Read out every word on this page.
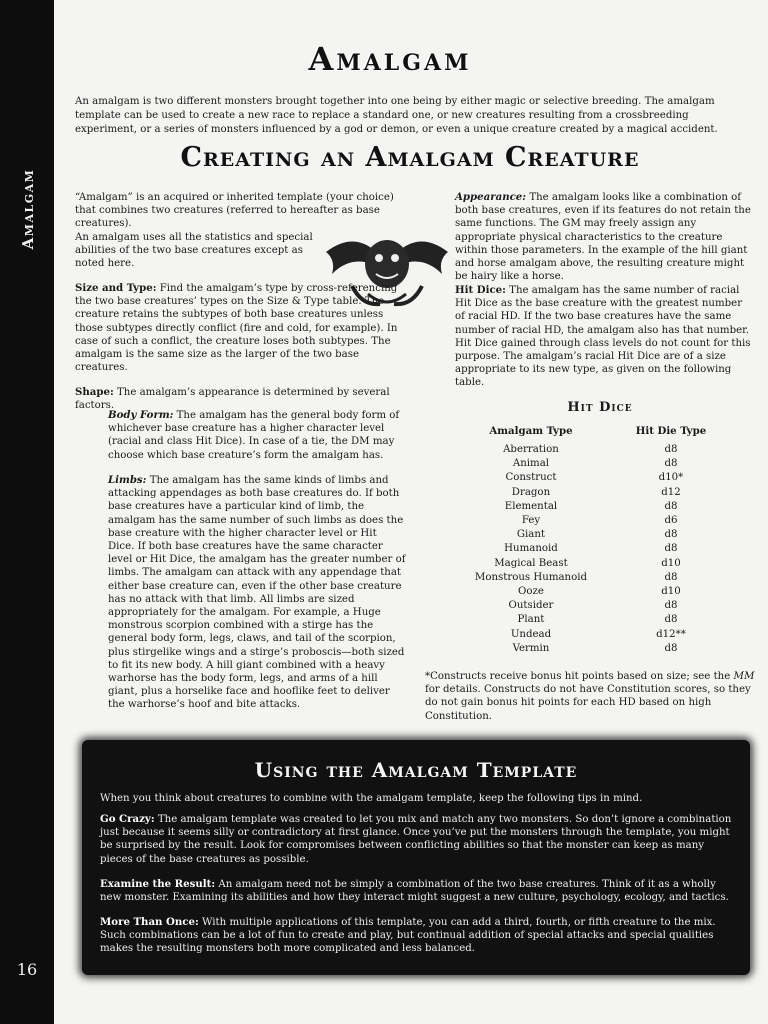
Amalgam
16
Amalgam

An amalgam is two different monsters brought together into one being by either magic or selective breeding. The amalgam template can be used to create a new race to replace a standard one, or new creatures resulting from a crossbreeding experiment, or a series of monsters influenced by a god or demon, or even a unique creature created by a magical accident.

Creating an Amalgam Creature

“Amalgam” is an acquired or inherited template (your choice) that combines two creatures (referred to hereafter as base creatures).

An amalgam uses all the statistics and special abilities of the two base creatures except as noted here.

Size and Type: Find the amalgam’s type by cross-referencing the two base creatures’ types on the Size & Type table. The creature retains the subtypes of both base creatures unless those subtypes directly conflict (fire and cold, for example). In case of such a conflict, the creature loses both subtypes. The amalgam is the same size as the larger of the two base creatures.

Shape: The amalgam’s appearance is determined by several factors.

Body Form: The amalgam has the general body form of whichever base creature has a higher character level (racial and class Hit Dice). In case of a tie, the DM may choose which base creature’s form the amalgam has.

Limbs: The amalgam has the same kinds of limbs and attacking appendages as both base creatures do. If both base creatures have a particular kind of limb, the amalgam has the same number of such limbs as does the base creature with the higher character level or Hit Dice. If both base creatures have the same character level or Hit Dice, the amalgam has the greater number of limbs. The amalgam can attack with any appendage that either base creature can, even if the other base creature has no attack with that limb. All limbs are sized appropriately for the amalgam. For example, a Huge monstrous scorpion combined with a stirge has the general body form, legs, claws, and tail of the scorpion, plus stirgelike wings and a stirge’s proboscis—both sized to fit its new body. A hill giant combined with a heavy warhorse has the body form, legs, and arms of a hill giant, plus a horselike face and hooflike feet to deliver the warhorse’s hoof and bite attacks.

Appearance: The amalgam looks like a combination of both base creatures, even if its features do not retain the same functions. The GM may freely assign any appropriate physical characteristics to the creature within those parameters. In the example of the hill giant and horse amalgam above, the resulting creature might be hairy like a horse.

Hit Dice: The amalgam has the same number of racial Hit Dice as the base creature with the greatest number of racial HD. If the two base creatures have the same number of racial HD, the amalgam also has that number. Hit Dice gained through class levels do not count for this purpose. The amalgam’s racial Hit Dice are of a size appropriate to its new type, as given on the following table.

Hit Dice
Amalgam Type	Hit Die Type
Aberration	d8
Animal	d8
Construct	d10*
Dragon	d12
Elemental	d8
Fey	d6
Giant	d8
Humanoid	d8
Magical Beast	d10
Monstrous Humanoid	d8
Ooze	d10
Outsider	d8
Plant	d8
Undead	d12**
Vermin	d8

*Constructs receive bonus hit points based on size; see the MM for details. Constructs do not have Constitution scores, so they do not gain bonus hit points for each HD based on high Constitution.

Using the Amalgam Template

When you think about creatures to combine with the amalgam template, keep the following tips in mind.

Go Crazy: The amalgam template was created to let you mix and match any two monsters. So don’t ignore a combination just because it seems silly or contradictory at first glance. Once you’ve put the monsters through the template, you might be surprised by the result. Look for compromises between conflicting abilities so that the monster can keep as many pieces of the base creatures as possible.

Examine the Result: An amalgam need not be simply a combination of the two base creatures. Think of it as a wholly new monster. Examining its abilities and how they interact might suggest a new culture, psychology, ecology, and tactics.

More Than Once: With multiple applications of this template, you can add a third, fourth, or fifth creature to the mix. Such combinations can be a lot of fun to create and play, but continual addition of special attacks and special qualities makes the resulting monsters both more complicated and less balanced.
